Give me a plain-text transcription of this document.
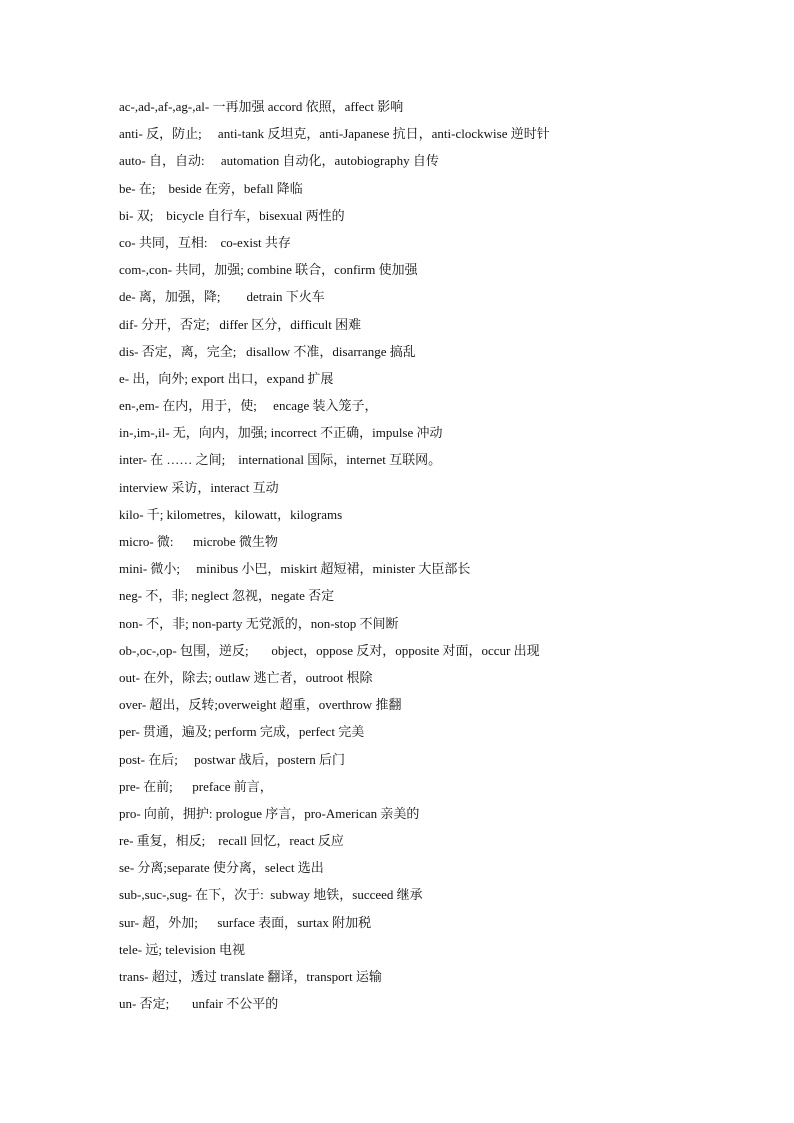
ac-,ad-,af-,ag-,al- 一再加强 accord 依照，affect 影响
anti- 反，防止;     anti-tank 反坦克，anti-Japanese 抗日，anti-clockwise 逆时针
auto- 自，自动:     automation 自动化，autobiography 自传
be- 在;    beside 在旁，befall 降临
bi- 双;    bicycle 自行车，bisexual 两性的
co- 共同，互相:    co-exist 共存
com-,con- 共同，加强; combine 联合，confirm 使加强
de- 离，加强，降;        detrain 下火车
dif- 分开，否定;   differ 区分，difficult 困难
dis- 否定，离，完全;   disallow 不准，disarrange 搞乱
e- 出，向外; export 出口，expand 扩展
en-,em- 在内，用于，使;     encage 装入笼子，
in-,im-,il- 无，向内，加强; incorrect 不正确，impulse 冲动
inter- 在 …… 之间;    international 国际，internet 互联网。
interview 采访，interact 互动
kilo- 千; kilometres，kilowatt，kilograms
micro- 微:      microbe 微生物
mini- 微小;     minibus 小巴，miskirt 超短裙，minister 大臣部长
neg- 不，非; neglect 忽视，negate 否定
non- 不，非; non-party 无党派的，non-stop 不间断
ob-,oc-,op- 包围，逆反;       object，oppose 反对，opposite 对面，occur 出现
out- 在外，除去; outlaw 逃亡者，outroot 根除
over- 超出，反转;overweight 超重，overthrow 推翻
per- 贯通，遍及; perform 完成，perfect 完美
post- 在后;     postwar 战后，postern 后门
pre- 在前;      preface 前言，
pro- 向前，拥护: prologue 序言，pro-American 亲美的
re- 重复，相反;    recall 回忆，react 反应
se- 分离;separate 使分离，select 选出
sub-,suc-,sug- 在下，次于:  subway 地铁，succeed 继承
sur- 超，外加;      surface 表面，surtax 附加税
tele- 远; television 电视
trans- 超过，透过 translate 翻译，transport 运输
un- 否定;       unfair 不公平的
